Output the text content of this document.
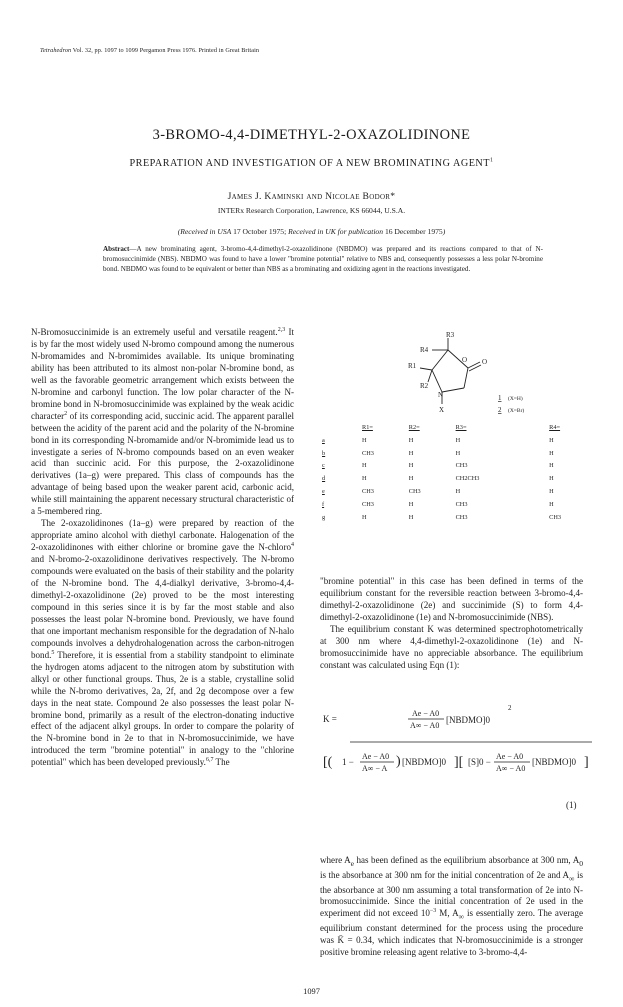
Tetrahedron Vol. 32, pp. 1097 to 1099 Pergamon Press 1976. Printed in Great Britain
3-BROMO-4,4-DIMETHYL-2-OXAZOLIDINONE
PREPARATION AND INVESTIGATION OF A NEW BROMINATING AGENT$^1$
James J. Kaminski and Nicolae Bodor*
INTERx Research Corporation, Lawrence, KS 66044, U.S.A.
(Received in USA 17 October 1975; Received in UK for publication 16 December 1975)
Abstract—A new brominating agent, 3-bromo-4,4-dimethyl-2-oxazolidinone (NBDMO) was prepared and its reactions compared to that of N-bromosuccinimide (NBS). NBDMO was found to have a lower "bromine potential" relative to NBS and, consequently possesses a less polar N-bromine bond. NBDMO was found to be equivalent or better than NBS as a brominating and oxidizing agent in the reactions investigated.

N-Bromosuccinimide is an extremely useful and versatile reagent.$^{2,3}$ It is by far the most widely used N-bromo compound among the numerous N-bromamides and N-bromimides available. Its unique brominating ability has been attributed to its almost non-polar N-bromine bond, as well as the favorable geometric arrangement which exists between the N-bromine and carbonyl function. The low polar character of the N-bromine bond in N-bromosuccinimide was explained by the weak acidic character$^2$ of its corresponding acid, succinic acid. The apparent parallel between the acidity of the parent acid and the polarity of the N-bromine bond in its corresponding N-bromamide and/or N-bromimide lead us to investigate a series of N-bromo compounds based on an even weaker acid than succinic acid. For this purpose, the 2-oxazolidinone derivatives (1a–g) were prepared. This class of compounds has the advantage of being based upon the weaker parent acid, carbonic acid, while still maintaining the apparent necessary structural characteristic of a 5-membered ring.

The 2-oxazolidinones (1a–g) were prepared by reaction of the appropriate amino alcohol with diethyl carbonate. Halogenation of the 2-oxazolidinones with either chlorine or bromine gave the N-chloro$^4$ and N-bromo-2-oxazolidinone derivatives respectively. The N-bromo compounds were evaluated on the basis of their stability and the polarity of the N-bromine bond. The 4,4-dialkyl derivative, 3-bromo-4,4-dimethyl-2-oxazolidinone (2e) proved to be the most interesting compound in this series since it is by far the most stable and also possesses the least polar N-bromine bond. Previously, we have found that one important mechanism responsible for the degradation of N-halo compounds involves a dehydrohalogenation across the carbon-nitrogen bond.$^5$ Therefore, it is essential from a stability standpoint to eliminate the hydrogen atoms adjacent to the nitrogen atom by substitution with alkyl or other functional groups. Thus, 2e is a stable, crystalline solid while the N-bromo derivatives, 2a, 2f, and 2g decompose over a few days in the neat state. Compound 2e also possesses the least polar N-bromine bond, primarily as a result of the electron-donating inductive effect of the adjacent alkyl groups. In order to compare the polarity of the N-bromine bond in 2e to that in N-bromosuccinimide, we have introduced the term "bromine potential" in analogy to the "chlorine potential" which has been developed previously.$^{6,7}$ The

R3
R4
R1
R2
O O
N
X
1
2
(X=H)
(X=Br)
	R1=	R2=	R3=	R4=
a	H	H	H	H
b	CH3	H	H	H
c	H	H	CH3	H
d	H	H	CH2CH3	H
e	CH3	CH3	H	H
f	CH3	H	CH3	H
g	H	H	CH3	CH3

"bromine potential" in this case has been defined in terms of the equilibrium constant for the reversible reaction between 3-bromo-4,4-dimethyl-2-oxazolidinone (2e) and succinimide (S) to form 4,4-dimethyl-2-oxazolidinone (1e) and N-bromosuccinimide (NBS).

The equilibrium constant K was determined spectrophotometrically at 300 nm where 4,4-dimethyl-2-oxazolidinone (1e) and N-bromosuccinimide have no appreciable absorbance. The equilibrium constant was calculated using Eqn (1):

K =
Ae − A0
A∞ − A0
[NBDMO]0
2
[( 1 −
Ae − A0
A∞ − A ) [NBDMO]0 ][ [S]0 −
Ae − A0
A∞ − A0
[NBDMO]0 ]
(1)

where $A_e$ has been defined as the equilibrium absorbance at 300 nm, $A_0$ is the absorbance at 300 nm for the initial concentration of 2e and $A_\infty$ is the absorbance at 300 nm assuming a total transformation of 2e into N-bromosuccinimide. Since the initial concentration of 2e used in the experiment did not exceed $10^{-3}$ M, $A_\infty$ is essentially zero. The average equilibrium constant determined for the process using the procedure was K̄ = 0.34, which indicates that N-bromosuccinimide is a stronger positive bromine releasing agent relative to 3-bromo-4,4-

1097
